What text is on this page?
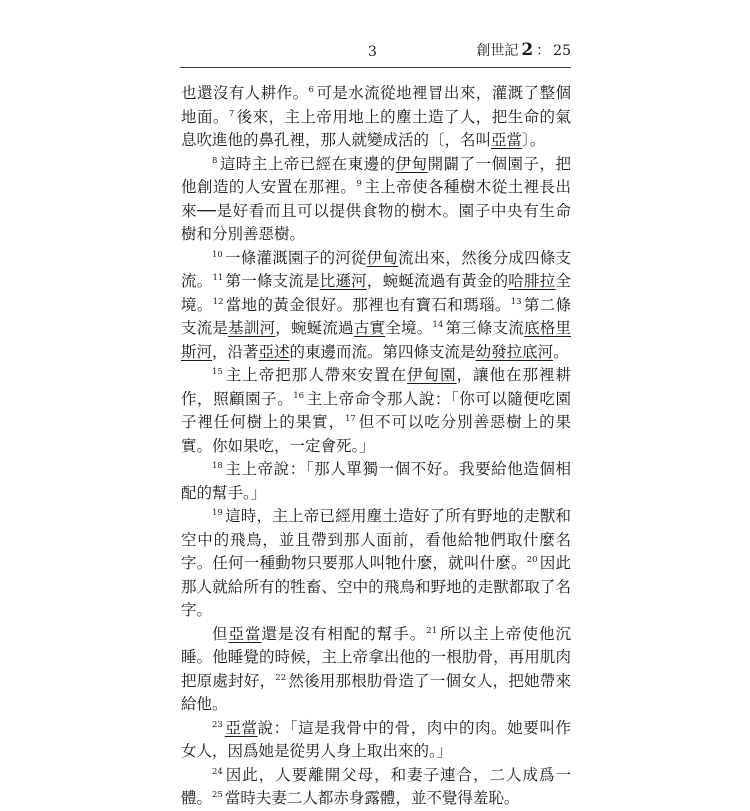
3	創世記 2 ： 25

也還沒有人耕作。$^6$ 可是水流從地裡冒出來，灌溉了整個地面。$^7$ 後來，主上帝用地上的塵土造了人，把生命的氣息吹進他的鼻孔裡，那人就變成活的〔，名叫亞當〕。

$^8$ 這時主上帝已經在東邊的伊甸開闢了一個園子，把他創造的人安置在那裡。$^9$ 主上帝使各種樹木從土裡長出來──是好看而且可以提供食物的樹木。園子中央有生命樹和分別善惡樹。

$^{10}$ 一條灌溉園子的河從伊甸流出來，然後分成四條支流。$^{11}$ 第一條支流是比遜河，蜿蜒流過有黃金的哈腓拉全境。$^{12}$ 當地的黃金很好。那裡也有寶石和瑪瑙。$^{13}$ 第二條支流是基訓河，蜿蜒流過古實全境。$^{14}$ 第三條支流底格里斯河，沿著亞述的東邊而流。第四條支流是幼發拉底河。

$^{15}$ 主上帝把那人帶來安置在伊甸園，讓他在那裡耕作，照顧園子。$^{16}$ 主上帝命令那人說：「你可以隨便吃園子裡任何樹上的果實，$^{17}$ 但不可以吃分別善惡樹上的果實。你如果吃，一定會死。」

$^{18}$ 主上帝說：「那人單獨一個不好。我要給他造個相配的幫手。」

$^{19}$ 這時，主上帝已經用塵土造好了所有野地的走獸和空中的飛鳥，並且帶到那人面前，看他給牠們取什麼名字。任何一種動物只要那人叫牠什麼，就叫什麼。$^{20}$ 因此那人就給所有的牲畜、空中的飛鳥和野地的走獸都取了名字。

但亞當還是沒有相配的幫手。$^{21}$ 所以主上帝使他沉睡。他睡覺的時候，主上帝拿出他的一根肋骨，再用肌肉把原處封好，$^{22}$ 然後用那根肋骨造了一個女人，把她帶來給他。

$^{23}$ 亞當說：「這是我骨中的骨，肉中的肉。她要叫作女人，因爲她是從男人身上取出來的。」

$^{24}$ 因此，人要離開父母，和妻子連合，二人成爲一體。$^{25}$ 當時夫妻二人都赤身露體，並不覺得羞恥。
